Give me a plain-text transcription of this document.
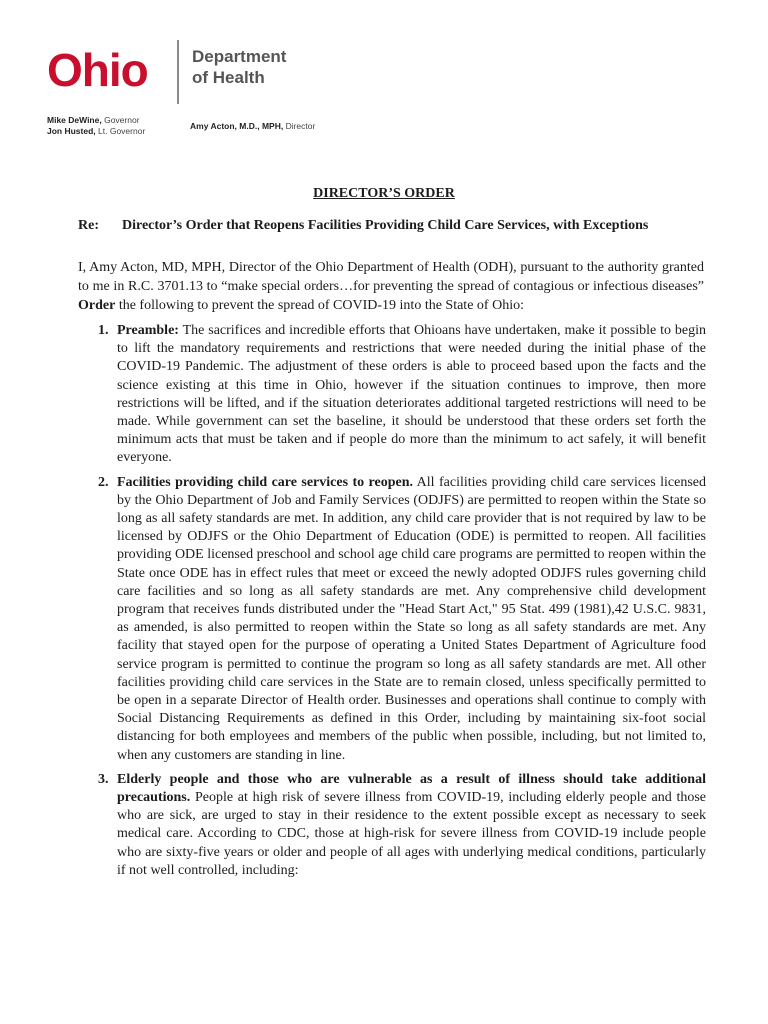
Ohio	Department
of Health
Mike DeWine, Governor
Jon Husted, Lt. Governor	Amy Acton, M.D., MPH, Director
DIRECTOR’S ORDER
Re: Director’s Order that Reopens Facilities Providing Child Care Services, with Exceptions

I, Amy Acton, MD, MPH, Director of the Ohio Department of Health (ODH), pursuant to the authority granted to me in R.C. 3701.13 to “make special orders…for preventing the spread of contagious or infectious diseases” Order the following to prevent the spread of COVID-19 into the State of Ohio:

1. Preamble: The sacrifices and incredible efforts that Ohioans have undertaken, make it possible to begin to lift the mandatory requirements and restrictions that were needed during the initial phase of the COVID-19 Pandemic. The adjustment of these orders is able to proceed based upon the facts and the science existing at this time in Ohio, however if the situation continues to improve, then more restrictions will be lifted, and if the situation deteriorates additional targeted restrictions will need to be made. While government can set the baseline, it should be understood that these orders set forth the minimum acts that must be taken and if people do more than the minimum to act safely, it will benefit everyone.
2. Facilities providing child care services to reopen. All facilities providing child care services licensed by the Ohio Department of Job and Family Services (ODJFS) are permitted to reopen within the State so long as all safety standards are met. In addition, any child care provider that is not required by law to be licensed by ODJFS or the Ohio Department of Education (ODE) is permitted to reopen. All facilities providing ODE licensed preschool and school age child care programs are permitted to reopen within the State once ODE has in effect rules that meet or exceed the newly adopted ODJFS rules governing child care facilities and so long as all safety standards are met. Any comprehensive child development program that receives funds distributed under the "Head Start Act," 95 Stat. 499 (1981),42 U.S.C. 9831, as amended, is also permitted to reopen within the State so long as all safety standards are met. Any facility that stayed open for the purpose of operating a United States Department of Agriculture food service program is permitted to continue the program so long as all safety standards are met. All other facilities providing child care services in the State are to remain closed, unless specifically permitted to be open in a separate Director of Health order. Businesses and operations shall continue to comply with Social Distancing Requirements as defined in this Order, including by maintaining six-foot social distancing for both employees and members of the public when possible, including, but not limited to, when any customers are standing in line.
3. Elderly people and those who are vulnerable as a result of illness should take additional precautions. People at high risk of severe illness from COVID-19, including elderly people and those who are sick, are urged to stay in their residence to the extent possible except as necessary to seek medical care. According to CDC, those at high-risk for severe illness from COVID-19 include people who are sixty-five years or older and people of all ages with underlying medical conditions, particularly if not well controlled, including:
